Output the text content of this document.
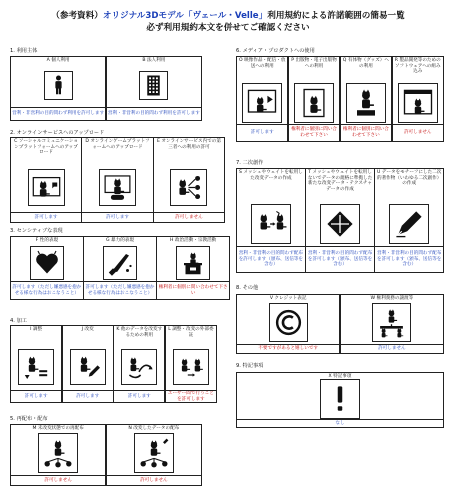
（参考資料）オリジナル3Dモデル「ヴェール・Velle」利用規約による許諾範囲の簡易一覧
必ず利用規約本文を併せてご確認ください
1. 利用主体
A 個人利用
営利・非営利の目的問わず利用を許可します
B 法人利用
営利・非営利の目的問わず利用を許可します
2. オンラインサービスへのアップロード
C ソーシャルコミュニケーションプラットフォームへのアップロード
許可します
D オンラインゲームプラットフォームへのアップロード
許可します
E オンラインサービス内での第三者への利用の許可
許可しません
3. センシティブな表現
F 性的表現
許可します（ただし嫌悪感を抱かせる様な行為はおこなうこと）
G 暴力的表現
許可します（ただし嫌悪感を抱かせる様な行為はおこなうこと）
H 政治活動・宗教活動
権利者に個別に問い合わせて下さい
4. 加工
I 調整
許可します
J 改変
許可します
K 他のデータを改変するための利用
許可します
L 調整・改変の外部委託
ユーザー間で行うことを許可します
5. 再配布・配布
M 未改変状態での再配布
許可しません
N 改変したデータの配布
許可しません
6. メディア・プロダクトへの使用
O 映像作品・配信・放送への利用
許可します
P 出版物・電子出版物への利用
権利者に個別に問い合わせて下さい
Q 有体物（グッズ）への利用
権利者に個別に問い合わせて下さい
R 製品開発等のためのソフトウェアへの組み込み
許可しません
7. 二次創作
S メッシュやウェイトを転用した改変データの作成
営利・非営利の目的問わず配布を許可します（頒布、送信等を含む）
T メッシュやウェイトを転用しないでデータの規格に準拠した新たな改変データ・テクスチャデータの作成
営利・非営利の目的問わず配布を許可します（頒布、送信等を含む）
U データをモチーフにした二次的著作物（いわゆる二次創作）の作成
営利・非営利の目的問わず配布を許可します（頒布、送信等を含む）
8. その他
V クレジット表記
不要ですがあると嬉しいです
W 権利義務の譲渡等
許可しません
9. 特記事項
X 特記事項
なし
